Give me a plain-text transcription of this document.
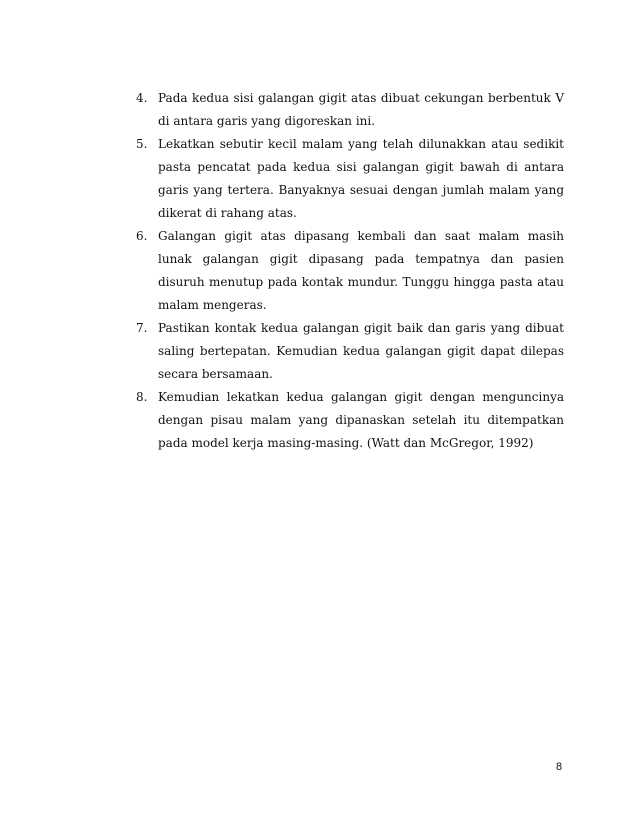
4. Pada kedua sisi galangan gigit atas dibuat cekungan berbentuk V di antara garis yang digoreskan ini.
5. Lekatkan sebutir kecil malam yang telah dilunakkan atau sedikit pasta pencatat pada kedua sisi galangan gigit bawah di antara garis yang tertera. Banyaknya sesuai dengan jumlah malam yang dikerat di rahang atas.
6. Galangan gigit atas dipasang kembali dan saat malam masih lunak galangan gigit dipasang pada tempatnya dan pasien disuruh menutup pada kontak mundur. Tunggu hingga pasta atau malam mengeras.
7. Pastikan kontak kedua galangan gigit baik dan garis yang dibuat saling bertepatan. Kemudian kedua galangan gigit dapat dilepas secara bersamaan.
8. Kemudian lekatkan kedua galangan gigit dengan menguncinya dengan pisau malam yang dipanaskan setelah itu ditempatkan pada model kerja masing-masing. (Watt dan McGregor, 1992)
8
